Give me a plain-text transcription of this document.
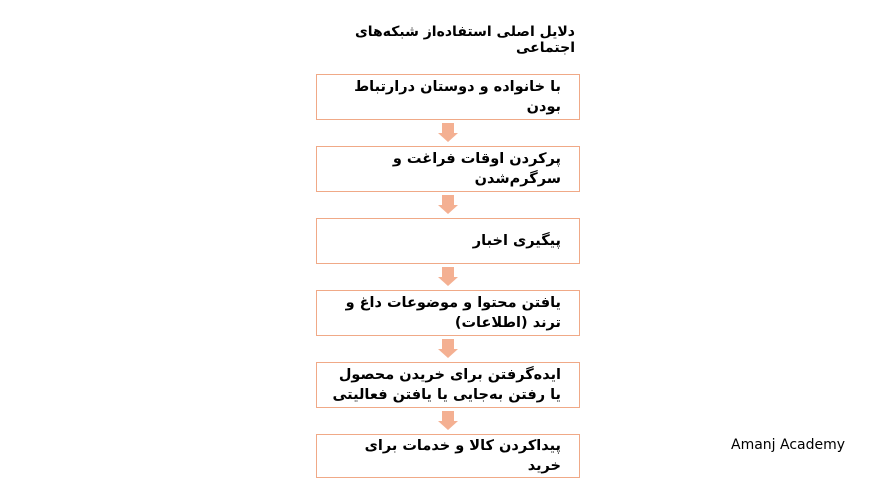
دلایل اصلی استفاده‌از شبکه‌های اجتماعی
با خانواده و دوستان درارتباط بودن
پرکردن اوقات فراغت و سرگرم‌شدن
پیگیری اخبار
یافتن محتوا و موضوعات داغ و ترند (اطلاعات)
ایده‌گرفتن برای خریدن محصول یا رفتن به‌جایی یا یافتن فعالیتی
پیداکردن کالا و خدمات برای خرید
Amanj Academy
